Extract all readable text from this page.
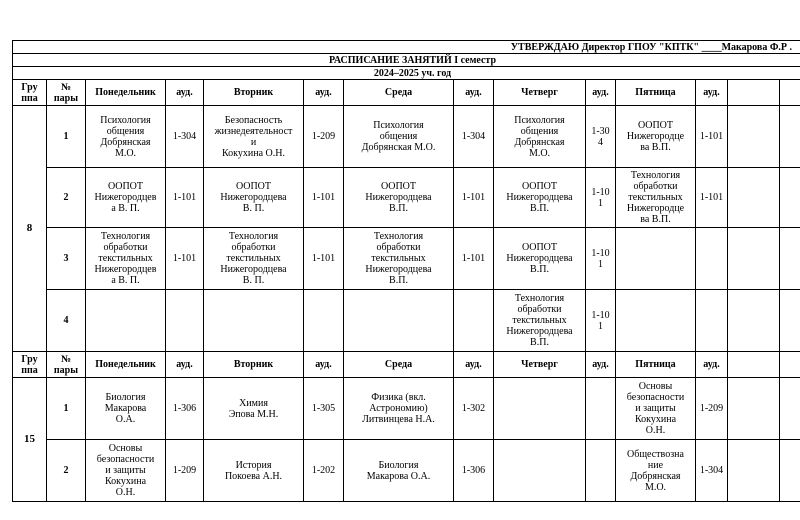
УТВЕРЖДАЮ Директор ГПОУ "КПТК" ____Макарова Ф.Р .													
РАСПИСАНИЕ ЗАНЯТИЙ I семестр													
2024–2025 уч. год													

Гру
ппа	№
пары	Понедельник	ауд.	Вторник	ауд.	Среда	ауд.	Четверг	ауд.	Пятница	ауд.		

8	1	Психология
общения
Добрянская
М.О.	1-304	Безопасность
жизнедеятельност
и
Кокухина О.Н.	1-209	Психология
общения
Добрянская М.О.	1-304	Психология
общения
Добрянская
М.О.	1-30
4	ООПОТ
Нижегородце
ва В.П.	1-101		

	2	ООПОТ
Нижегородцев
а В. П.	1-101	ООПОТ
Нижегородцева
В. П.	1-101	ООПОТ
Нижегородцева
В.П.	1-101	ООПОТ
Нижегородцева
В.П.	1-10
1	Технология
обработки
текстильных
Нижегородце
ва В.П.	1-101		

	3	Технология
обработки
текстильных
Нижегородцев
а В. П.	1-101	Технология
обработки
текстильных
Нижегородцева
В. П.	1-101	Технология
обработки
текстильных
Нижегородцева
В.П.	1-101	ООПОТ
Нижегородцева
В.П.	1-10
1				

	4							Технология
обработки
текстильных
Нижегородцева
В.П.	1-10
1				

Гру
ппа	№
пары	Понедельник	ауд.	Вторник	ауд.	Среда	ауд.	Четверг	ауд.	Пятница	ауд.		

15	1	Биология
Макарова
О.А.	1-306	Химия
Эпова М.Н.	1-305	Физика (вкл.
Астрономию)
Литвинцева Н.А.	1-302			Основы
безопасности
и защиты
Кокухина
О.Н.	1-209		

	2	Основы
безопасности
и защиты
Кокухина
О.Н.	1-209	История
Покоева А.Н.	1-202	Биология
Макарова О.А.	1-306			Обществозна
ние
Добрянская
М.О.	1-304		
